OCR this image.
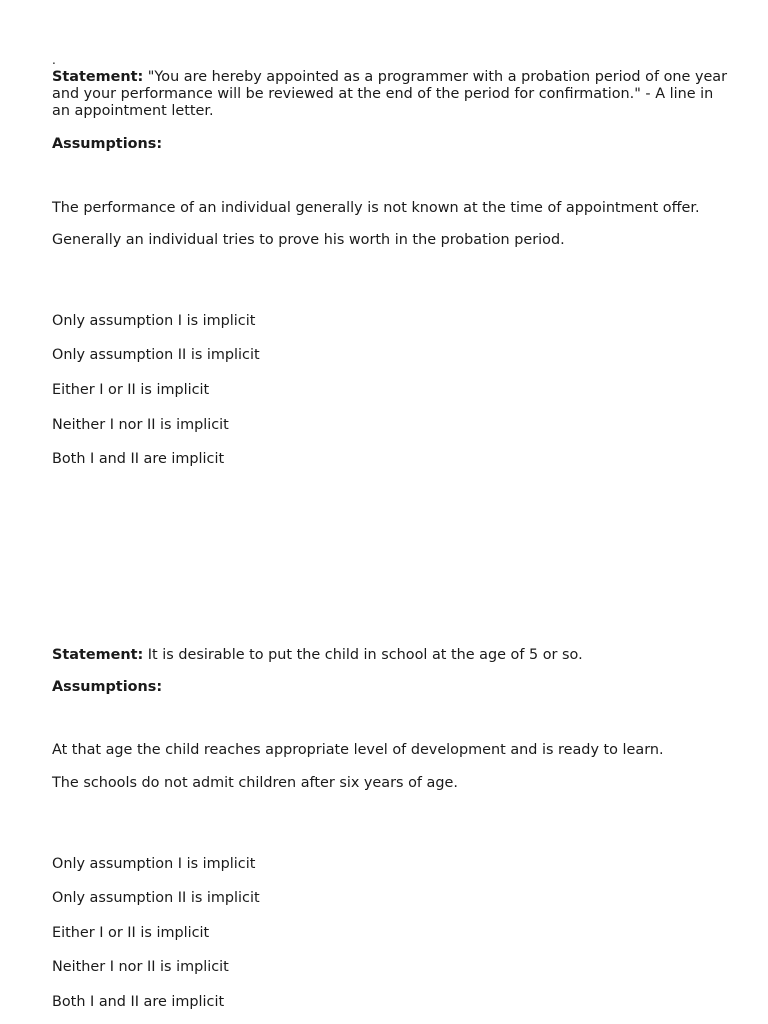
.

Statement: "You are hereby appointed as a programmer with a probation period of one year and your performance will be reviewed at the end of the period for confirmation." - A line in an appointment letter.

Assumptions:

The performance of an individual generally is not known at the time of appointment offer.

Generally an individual tries to prove his worth in the probation period.

Only assumption I is implicit

Only assumption II is implicit

Either I or II is implicit

Neither I nor II is implicit

Both I and II are implicit

Statement: It is desirable to put the child in school at the age of 5 or so.

Assumptions:

At that age the child reaches appropriate level of development and is ready to learn.

The schools do not admit children after six years of age.

Only assumption I is implicit

Only assumption II is implicit

Either I or II is implicit

Neither I nor II is implicit

Both I and II are implicit
